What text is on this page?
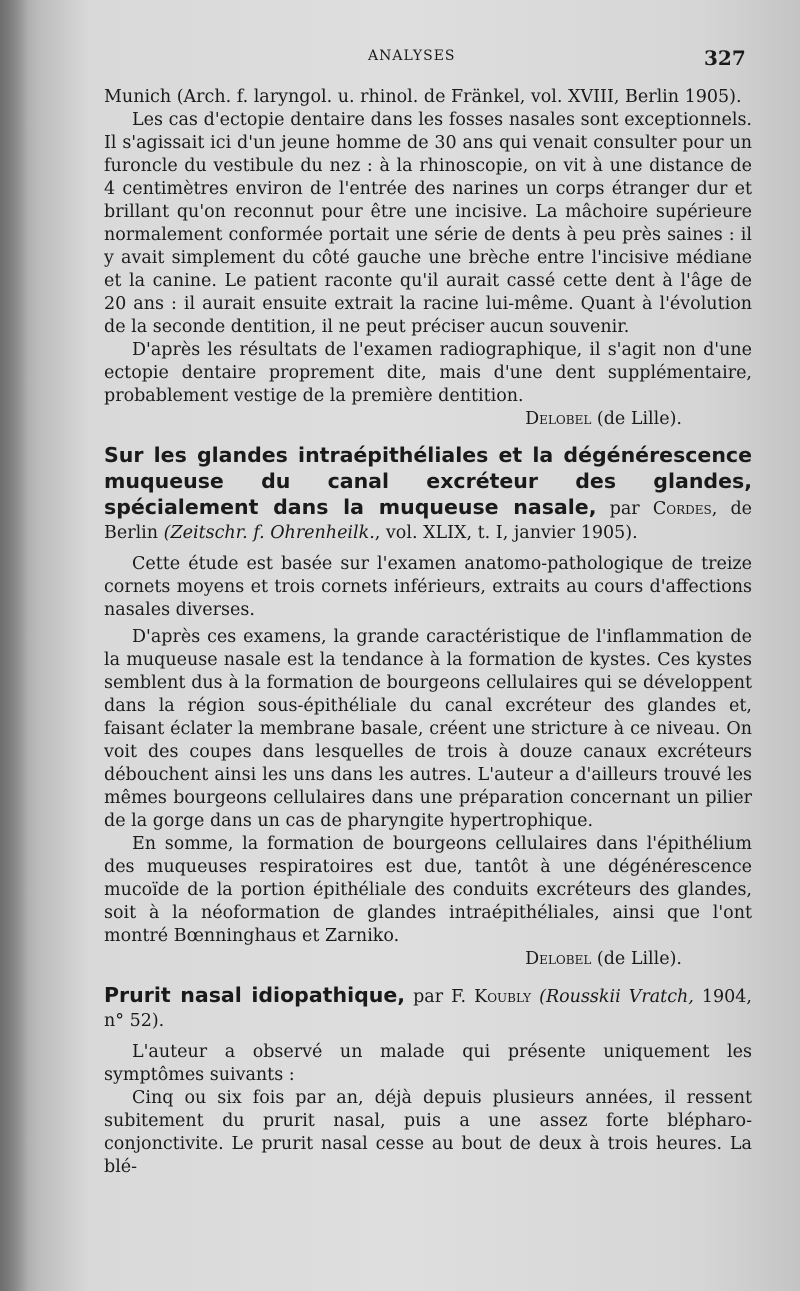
ANALYSES	327

Munich (Arch. f. laryngol. u. rhinol. de Fränkel, vol. XVIII, Berlin 1905).

Les cas d'ectopie dentaire dans les fosses nasales sont exceptionnels. Il s'agissait ici d'un jeune homme de 30 ans qui venait consulter pour un furoncle du vestibule du nez : à la rhinoscopie, on vit à une distance de 4 centimètres environ de l'entrée des narines un corps étranger dur et brillant qu'on reconnut pour être une incisive. La mâchoire supérieure normalement conformée portait une série de dents à peu près saines : il y avait simplement du côté gauche une brèche entre l'incisive médiane et la canine. Le patient raconte qu'il aurait cassé cette dent à l'âge de 20 ans : il aurait ensuite extrait la racine lui-même. Quant à l'évolution de la seconde dentition, il ne peut préciser aucun souvenir.

D'après les résultats de l'examen radiographique, il s'agit non d'une ectopie dentaire proprement dite, mais d'une dent supplémentaire, probablement vestige de la première dentition.

Delobel (de Lille).

Sur les glandes intraépithéliales et la dégénérescence muqueuse du canal excréteur des glandes, spécialement dans la muqueuse nasale, par Cordes, de Berlin (Zeitschr. f. Ohrenheilk., vol. XLIX, t. I, janvier 1905).

Cette étude est basée sur l'examen anatomo-pathologique de treize cornets moyens et trois cornets inférieurs, extraits au cours d'affections nasales diverses.

D'après ces examens, la grande caractéristique de l'inflammation de la muqueuse nasale est la tendance à la formation de kystes. Ces kystes semblent dus à la formation de bourgeons cellulaires qui se développent dans la région sous-épithéliale du canal excréteur des glandes et, faisant éclater la membrane basale, créent une stricture à ce niveau. On voit des coupes dans lesquelles de trois à douze canaux excréteurs débouchent ainsi les uns dans les autres. L'auteur a d'ailleurs trouvé les mêmes bourgeons cellulaires dans une préparation concernant un pilier de la gorge dans un cas de pharyngite hypertrophique.

En somme, la formation de bourgeons cellulaires dans l'épithélium des muqueuses respiratoires est due, tantôt à une dégénérescence mucoïde de la portion épithéliale des conduits excréteurs des glandes, soit à la néoformation de glandes intraépithéliales, ainsi que l'ont montré Bœnninghaus et Zarniko.

Delobel (de Lille).

Prurit nasal idiopathique, par F. Koubly (Rousskii Vratch, 1904, n° 52).

L'auteur a observé un malade qui présente uniquement les symptômes suivants :

Cinq ou six fois par an, déjà depuis plusieurs années, il ressent subitement du prurit nasal, puis a une assez forte blépharo-conjonctivite. Le prurit nasal cesse au bout de deux à trois heures. La blé-
